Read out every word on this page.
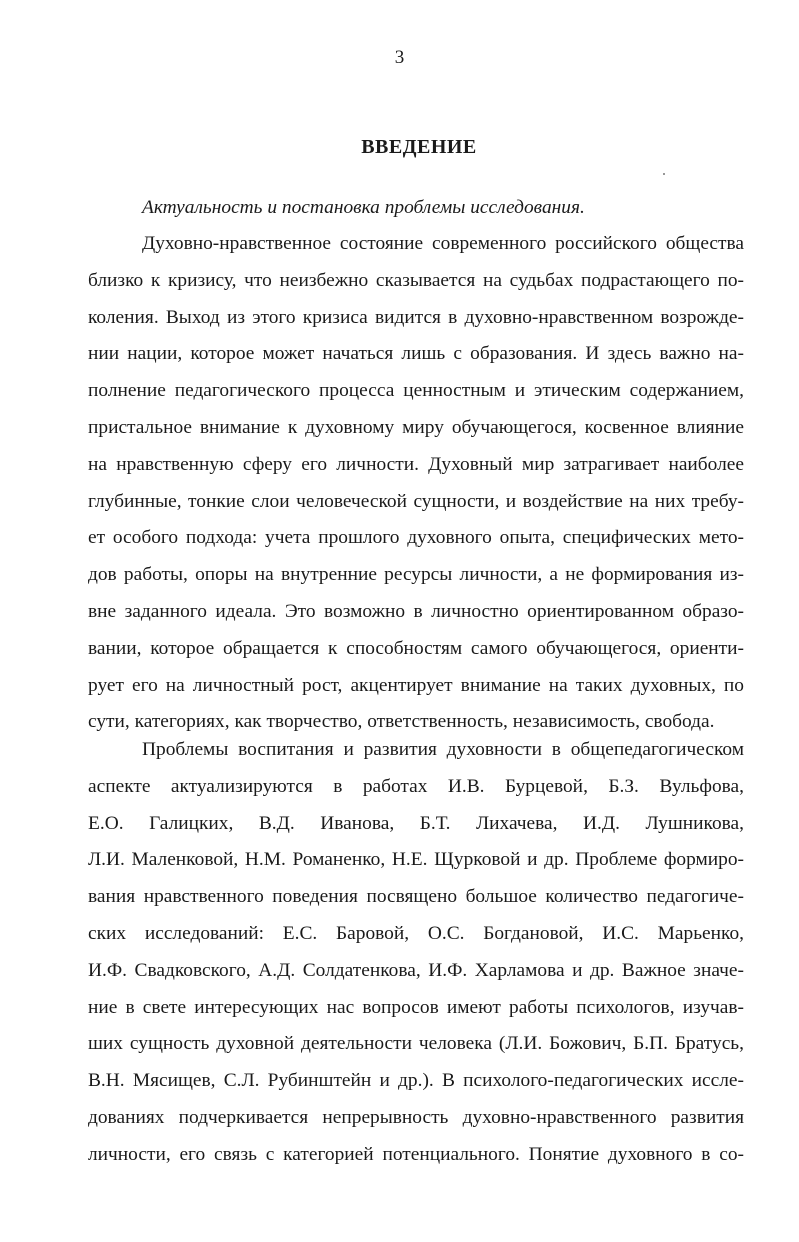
3
ВВЕДЕНИЕ
Актуальность и постановка проблемы исследования.
Духовно-нравственное состояние современного российского общества
близко к кризису, что неизбежно сказывается на судьбах подрастающего по-
коления. Выход из этого кризиса видится в духовно-нравственном возрожде-
нии нации, которое может начаться лишь с образования. И здесь важно на-
полнение педагогического процесса ценностным и этическим содержанием,
пристальное внимание к духовному миру обучающегося, косвенное влияние
на нравственную сферу его личности. Духовный мир затрагивает наиболее
глубинные, тонкие слои человеческой сущности, и воздействие на них требу-
ет особого подхода: учета прошлого духовного опыта, специфических мето-
дов работы, опоры на внутренние ресурсы личности, а не формирования из-
вне заданного идеала. Это возможно в личностно ориентированном образо-
вании, которое обращается к способностям самого обучающегося, ориенти-
рует его на личностный рост, акцентирует внимание на таких духовных, по
сути, категориях, как творчество, ответственность, независимость, свобода.
Проблемы воспитания и развития духовности в общепедагогическом
аспекте актуализируются в работах И.В. Бурцевой, Б.З. Вульфова,
Е.О. Галицких, В.Д. Иванова, Б.Т. Лихачева, И.Д. Лушникова,
Л.И. Маленковой, Н.М. Романенко, Н.Е. Щурковой и др. Проблеме формиро-
вания нравственного поведения посвящено большое количество педагогиче-
ских исследований: Е.С. Баровой, О.С. Богдановой, И.С. Марьенко,
И.Ф. Свадковского, А.Д. Солдатенкова, И.Ф. Харламова и др. Важное значе-
ние в свете интересующих нас вопросов имеют работы психологов, изучав-
ших сущность духовной деятельности человека (Л.И. Божович, Б.П. Братусь,
В.Н. Мясищев, С.Л. Рубинштейн и др.). В психолого-педагогических иссле-
дованиях подчеркивается непрерывность духовно-нравственного развития
личности, его связь с категорией потенциального. Понятие духовного в со-
